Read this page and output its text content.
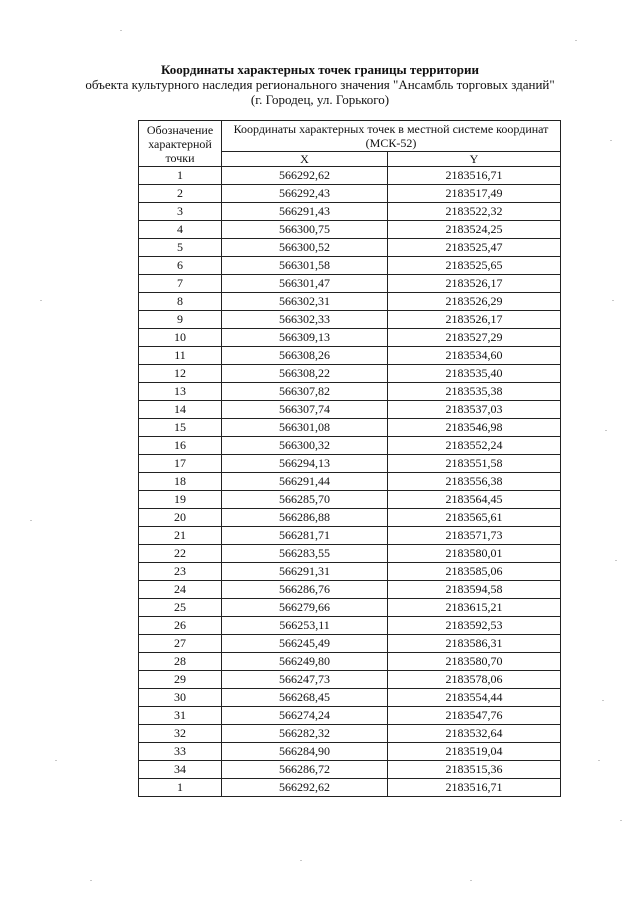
Координаты характерных точек границы территории
объекта культурного наследия регионального значения "Ансамбль торговых зданий"
(г. Городец, ул. Горького)
Обозначение характерной точки	Координаты характерных точек в местной системе координат (МСК-52)	
	X	Y
1	566292,62	2183516,71
2	566292,43	2183517,49
3	566291,43	2183522,32
4	566300,75	2183524,25
5	566300,52	2183525,47
6	566301,58	2183525,65
7	566301,47	2183526,17
8	566302,31	2183526,29
9	566302,33	2183526,17
10	566309,13	2183527,29
11	566308,26	2183534,60
12	566308,22	2183535,40
13	566307,82	2183535,38
14	566307,74	2183537,03
15	566301,08	2183546,98
16	566300,32	2183552,24
17	566294,13	2183551,58
18	566291,44	2183556,38
19	566285,70	2183564,45
20	566286,88	2183565,61
21	566281,71	2183571,73
22	566283,55	2183580,01
23	566291,31	2183585,06
24	566286,76	2183594,58
25	566279,66	2183615,21
26	566253,11	2183592,53
27	566245,49	2183586,31
28	566249,80	2183580,70
29	566247,73	2183578,06
30	566268,45	2183554,44
31	566274,24	2183547,76
32	566282,32	2183532,64
33	566284,90	2183519,04
34	566286,72	2183515,36
1	566292,62	2183516,71
